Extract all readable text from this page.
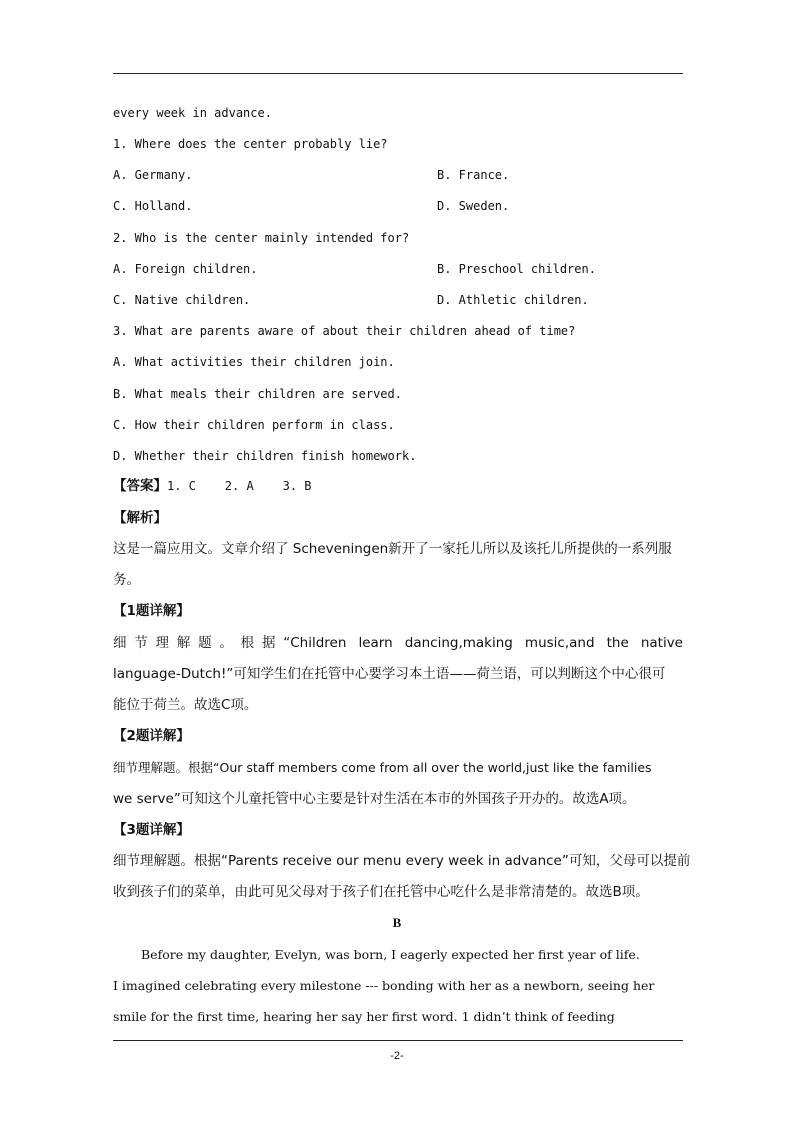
every week in advance.
1. Where does the center probably lie?
A. Germany.	B. France.
C. Holland.	D. Sweden.
2. Who is the center mainly intended for?
A. Foreign children.	B. Preschool children.
C. Native children.	D. Athletic children.
3. What are parents aware of about their children ahead of time?
A. What activities their children join.
B. What meals their children are served.
C. How their children perform in class.
D. Whether their children finish homework.
【答案】1. C    2. A    3. B
【解析】
这是一篇应用文。文章介绍了 Scheveningen新开了一家托儿所以及该托儿所提供的一系列服
务。
【1题详解】
细节理解题。根据“Children learn dancing,making music,and the native
language-Dutch!”可知学生们在托管中心要学习本土语——荷兰语，可以判断这个中心很可
能位于荷兰。故选C项。
【2题详解】
细节理解题。根据“Our staff members come from all over the world,just like the families
we serve”可知这个儿童托管中心主要是针对生活在本市的外国孩子开办的。故选A项。
【3题详解】
细节理解题。根据“Parents receive our menu every week in advance”可知，父母可以提前
收到孩子们的菜单，由此可见父母对于孩子们在托管中心吃什么是非常清楚的。故选B项。
B
Before my daughter, Evelyn, was born, I eagerly expected her first year of life.
I imagined celebrating every milestone --- bonding with her as a newborn, seeing her
smile for the first time, hearing her say her first word. 1 didn’t think of feeding
-2-
